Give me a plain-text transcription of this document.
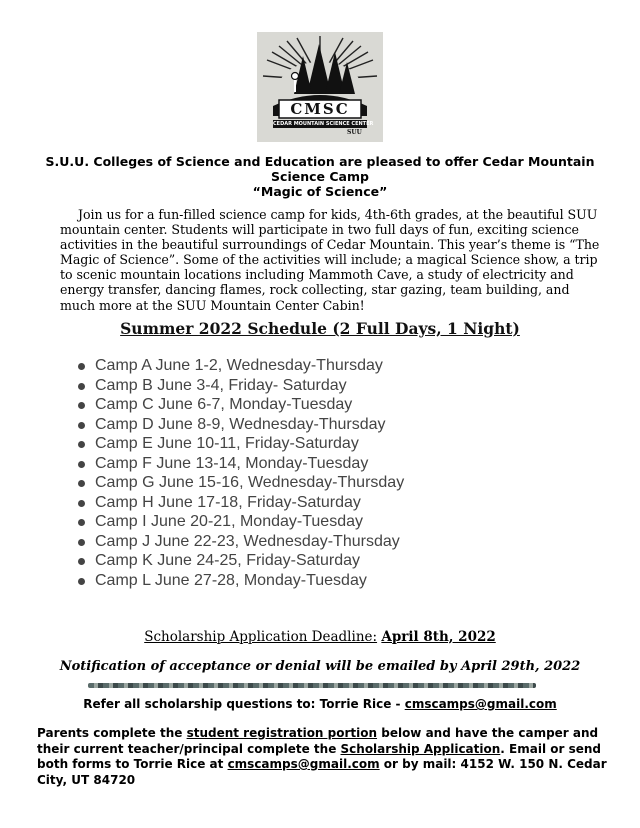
CMSC
CEDAR MOUNTAIN SCIENCE CENTER
SUU
S.U.U. Colleges of Science and Education are pleased to offer Cedar Mountain
Science Camp
“Magic of Science”

Join us for a fun-filled science camp for kids, 4th-6th grades, at the beautiful SUU mountain center. Students will participate in two full days of fun, exciting science activities in the beautiful surroundings of Cedar Mountain. This year’s theme is “The Magic of Science”. Some of the activities will include; a magical Science show, a trip to scenic mountain locations including Mammoth Cave, a study of electricity and energy transfer, dancing flames, rock collecting, star gazing, team building, and much more at the SUU Mountain Center Cabin!

Summer 2022 Schedule (2 Full Days, 1 Night)
Camp A June 1-2, Wednesday-Thursday
Camp B June 3-4, Friday- Saturday
Camp C June 6-7, Monday-Tuesday
Camp D June 8-9, Wednesday-Thursday
Camp E June 10-11, Friday-Saturday
Camp F June 13-14, Monday-Tuesday
Camp G June 15-16, Wednesday-Thursday
Camp H June 17-18, Friday-Saturday
Camp I June 20-21, Monday-Tuesday
Camp J June 22-23, Wednesday-Thursday
Camp K June 24-25, Friday-Saturday
Camp L June 27-28, Monday-Tuesday
Scholarship Application Deadline: April 8th, 2022
Notification of acceptance or denial will be emailed by April 29th, 2022
Refer all scholarship questions to: Torrie Rice - cmscamps@gmail.com

Parents complete the student registration portion below and have the camper and their current teacher/principal complete the Scholarship Application. Email or send both forms to Torrie Rice at cmscamps@gmail.com or by mail: 4152 W. 150 N. Cedar City, UT 84720
